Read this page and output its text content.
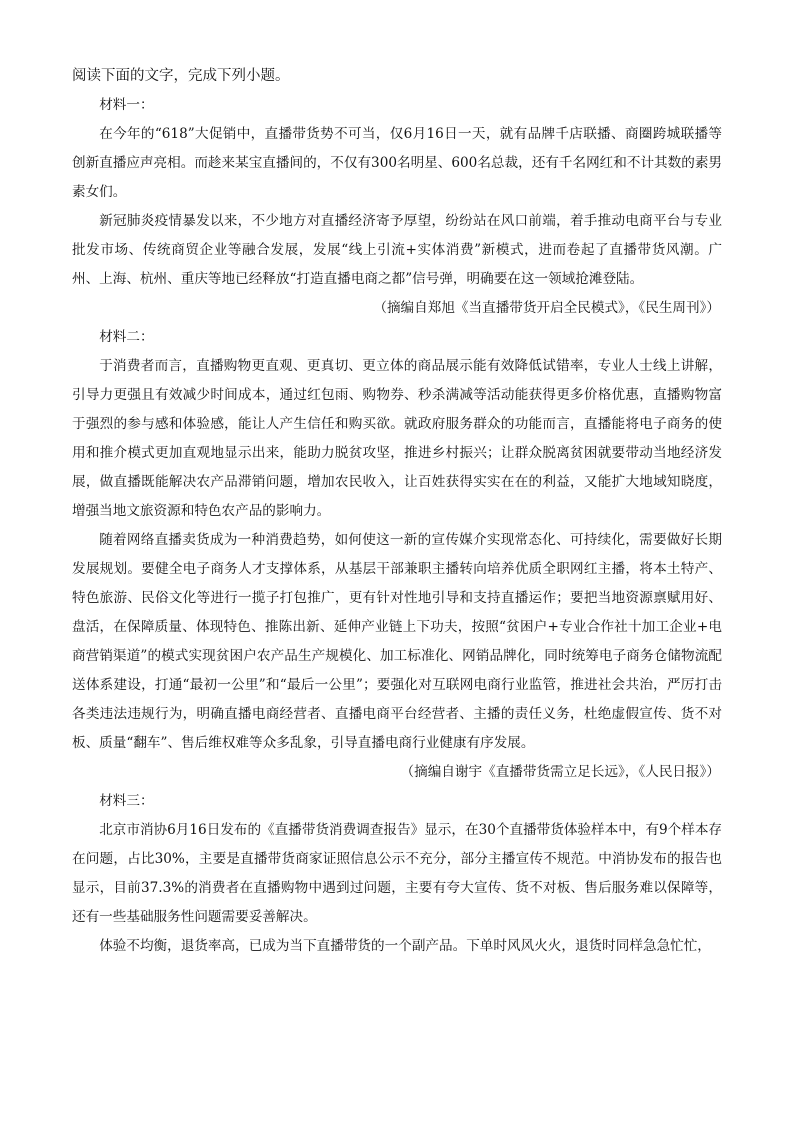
阅读下面的文字，完成下列小题。

材料一：

在今年的“618”大促销中，直播带货势不可当，仅6月16日一天，就有品牌千店联播、商圈跨城联播等创新直播应声亮相。而趁来某宝直播间的，不仅有300名明星、600名总裁，还有千名网红和不计其数的素男素女们。

新冠肺炎疫情暴发以来，不少地方对直播经济寄予厚望，纷纷站在风口前端，着手推动电商平台与专业批发市场、传统商贸企业等融合发展，发展“线上引流+实体消费”新模式，进而卷起了直播带货风潮。广州、上海、杭州、重庆等地已经释放“打造直播电商之都”信号弹，明确要在这一领域抢滩登陆。

（摘编自郑旭《当直播带货开启全民模式》，《民生周刊》）

材料二：

于消费者而言，直播购物更直观、更真切、更立体的商品展示能有效降低试错率，专业人士线上讲解，引导力更强且有效减少时间成本，通过红包雨、购物券、秒杀满减等活动能获得更多价格优惠，直播购物富于强烈的参与感和体验感，能让人产生信任和购买欲。就政府服务群众的功能而言，直播能将电子商务的使用和推介模式更加直观地显示出来，能助力脱贫攻坚，推进乡村振兴；让群众脱离贫困就要带动当地经济发展，做直播既能解决农产品滞销问题，增加农民收入，让百姓获得实实在在的利益，又能扩大地域知晓度，增强当地文旅资源和特色农产品的影响力。

随着网络直播卖货成为一种消费趋势，如何使这一新的宣传媒介实现常态化、可持续化，需要做好长期发展规划。要健全电子商务人才支撑体系，从基层干部兼职主播转向培养优质全职网红主播，将本土特产、特色旅游、民俗文化等进行一揽子打包推广，更有针对性地引导和支持直播运作；要把当地资源禀赋用好、盘活，在保障质量、体现特色、推陈出新、延伸产业链上下功夫，按照“贫困户+专业合作社十加工企业+电商营销渠道”的模式实现贫困户农产品生产规模化、加工标准化、网销品牌化，同时统筹电子商务仓储物流配送体系建设，打通“最初一公里”和“最后一公里”；要强化对互联网电商行业监管，推进社会共治，严厉打击各类违法违规行为，明确直播电商经营者、直播电商平台经营者、主播的责任义务，杜绝虚假宣传、货不对板、质量“翻车”、售后维权难等众多乱象，引导直播电商行业健康有序发展。

（摘编自谢宇《直播带货需立足长远》，《人民日报》）

材料三：

北京市消协6月16日发布的《直播带货消费调查报告》显示，在30个直播带货体验样本中，有9个样本存在问题，占比30%，主要是直播带货商家证照信息公示不充分，部分主播宣传不规范。中消协发布的报告也显示，目前37.3%的消费者在直播购物中遇到过问题，主要有夸大宣传、货不对板、售后服务难以保障等，还有一些基础服务性问题需要妥善解决。

体验不均衡，退货率高，已成为当下直播带货的一个副产品。下单时风风火火，退货时同样急急忙忙，
